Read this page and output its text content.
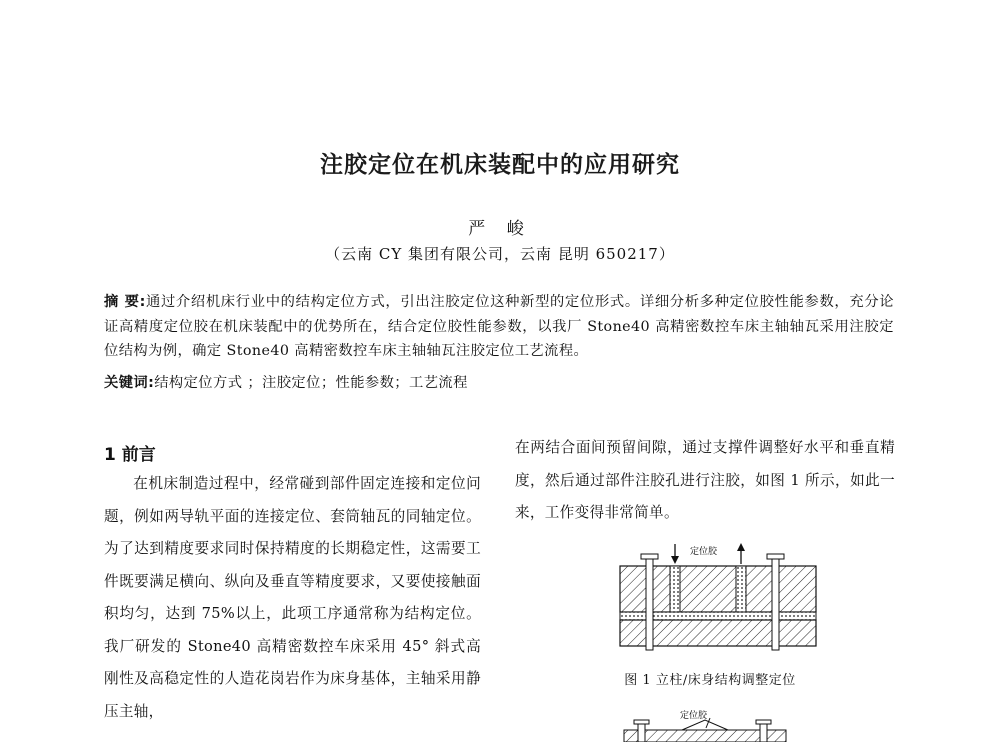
注胶定位在机床装配中的应用研究
严 峻
（云南 CY 集团有限公司，云南 昆明 650217）
摘 要:通过介绍机床行业中的结构定位方式，引出注胶定位这种新型的定位形式。详细分析多种定位胶性能参数，充分论证高精度定位胶在机床装配中的优势所在，结合定位胶性能参数，以我厂 Stone40 高精密数控车床主轴轴瓦采用注胶定位结构为例，确定 Stone40 高精密数控车床主轴轴瓦注胶定位工艺流程。
关键词:结构定位方式 ；注胶定位；性能参数；工艺流程
1 前言
在机床制造过程中，经常碰到部件固定连接和定位问题，例如两导轨平面的连接定位、套筒轴瓦的同轴定位。为了达到精度要求同时保持精度的长期稳定性，这需要工件既要满足横向、纵向及垂直等精度要求，又要使接触面积均匀，达到 75%以上，此项工序通常称为结构定位。我厂研发的 Stone40 高精密数控车床采用 45° 斜式高刚性及高稳定性的人造花岗岩作为床身基体，主轴采用静压主轴，
在两结合面间预留间隙，通过支撑件调整好水平和垂直精度，然后通过部件注胶孔进行注胶，如图 1 所示，如此一来，工作变得非常简单。
定位胶
图 1 立柱/床身结构调整定位
定位胶
